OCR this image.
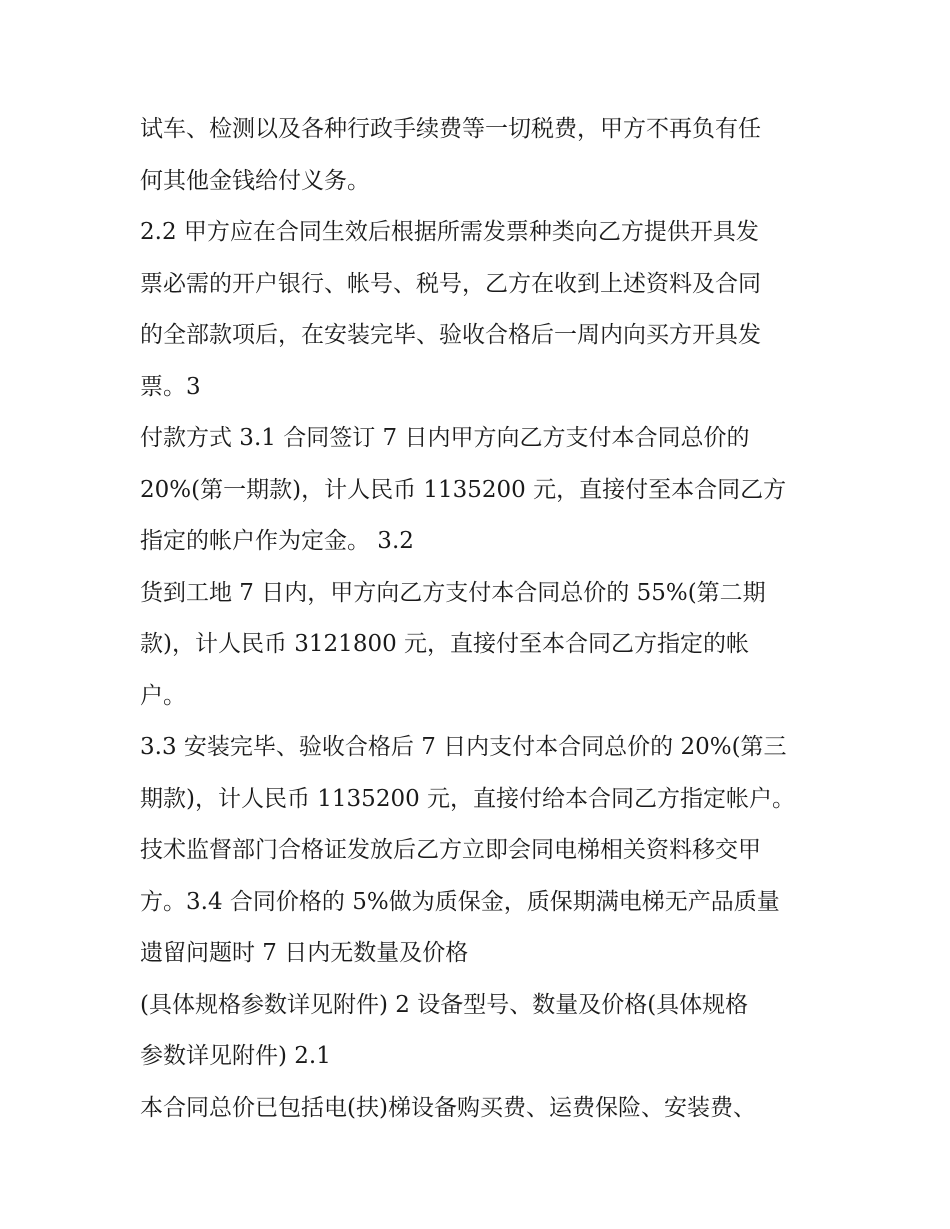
试车、检测以及各种行政手续费等一切税费，甲方不再负有任
何其他金钱给付义务。
2.2 甲方应在合同生效后根据所需发票种类向乙方提供开具发
票必需的开户银行、帐号、税号，乙方在收到上述资料及合同
的全部款项后，在安装完毕、验收合格后一周内向买方开具发
票。3
付款方式 3.1 合同签订 7 日内甲方向乙方支付本合同总价的
20%(第一期款)，计人民币 1135200 元，直接付至本合同乙方
指定的帐户作为定金。 3.2
货到工地 7 日内，甲方向乙方支付本合同总价的 55%(第二期
款)，计人民币 3121800 元，直接付至本合同乙方指定的帐
户。
3.3 安装完毕、验收合格后 7 日内支付本合同总价的 20%(第三
期款)，计人民币 1135200 元，直接付给本合同乙方指定帐户。
技术监督部门合格证发放后乙方立即会同电梯相关资料移交甲
方。3.4 合同价格的 5%做为质保金，质保期满电梯无产品质量
遗留问题时 7 日内无数量及价格
(具体规格参数详见附件) 2 设备型号、数量及价格(具体规格
参数详见附件) 2.1
本合同总价已包括电(扶)梯设备购买费、运费保险、安装费、
